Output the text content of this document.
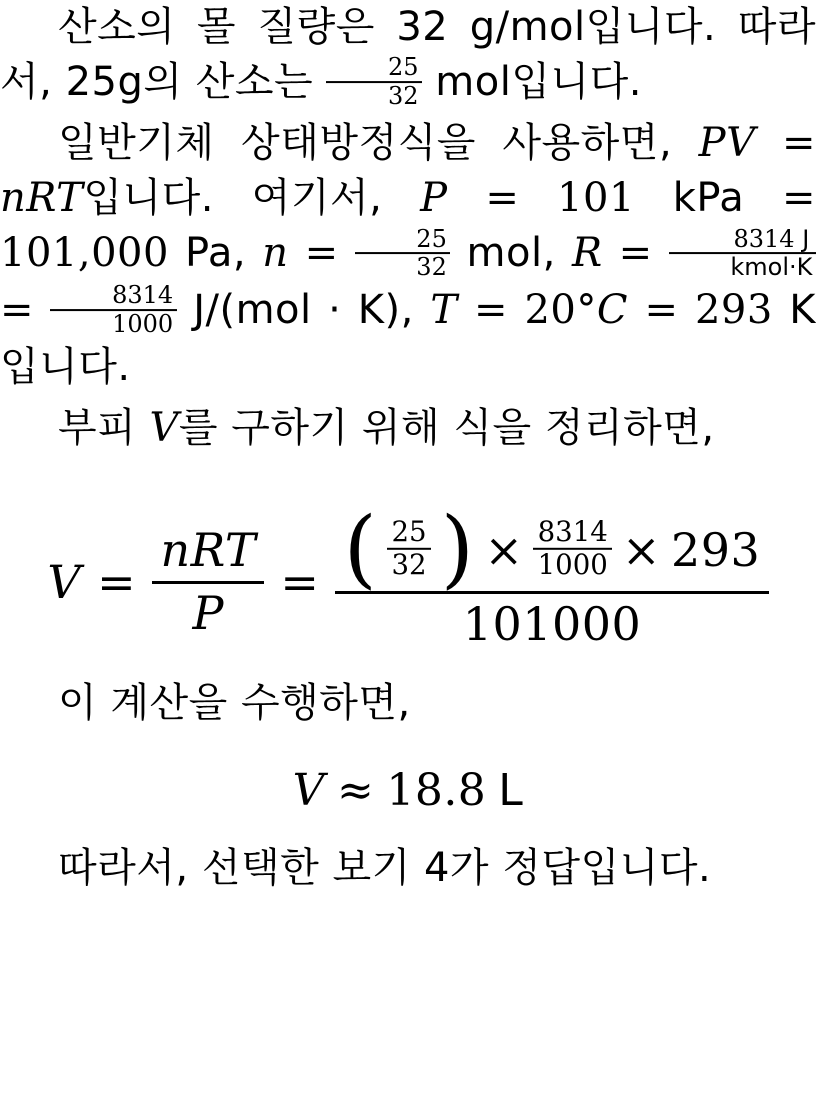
산소의 몰 질량은 32 g/mol입니다. 따라서, 25g의 산소는 $\frac{25}{32}$ mol입니다.

일반기체 상태방정식을 사용하면, PV = nRT입니다. 여기서, P = 101 kPa = 101,000 Pa, $n = \frac{25}{32}$ mol, $R = \frac{8314 J}{\text{kmol·K}}$
= $\frac{8314}{1000} J/(mol \cdot K)$, T = 20°C = 293 K입니다.

부피 V를 구하기 위해 식을 정리하면,

V =
nRT
P
= $\frac{( \frac{25}{32} ) \times \frac{8314}{1000} \times 293}{101000}$

이 계산을 수행하면,

V ≈ 18.8 L

따라서, 선택한 보기 4가 정답입니다.
